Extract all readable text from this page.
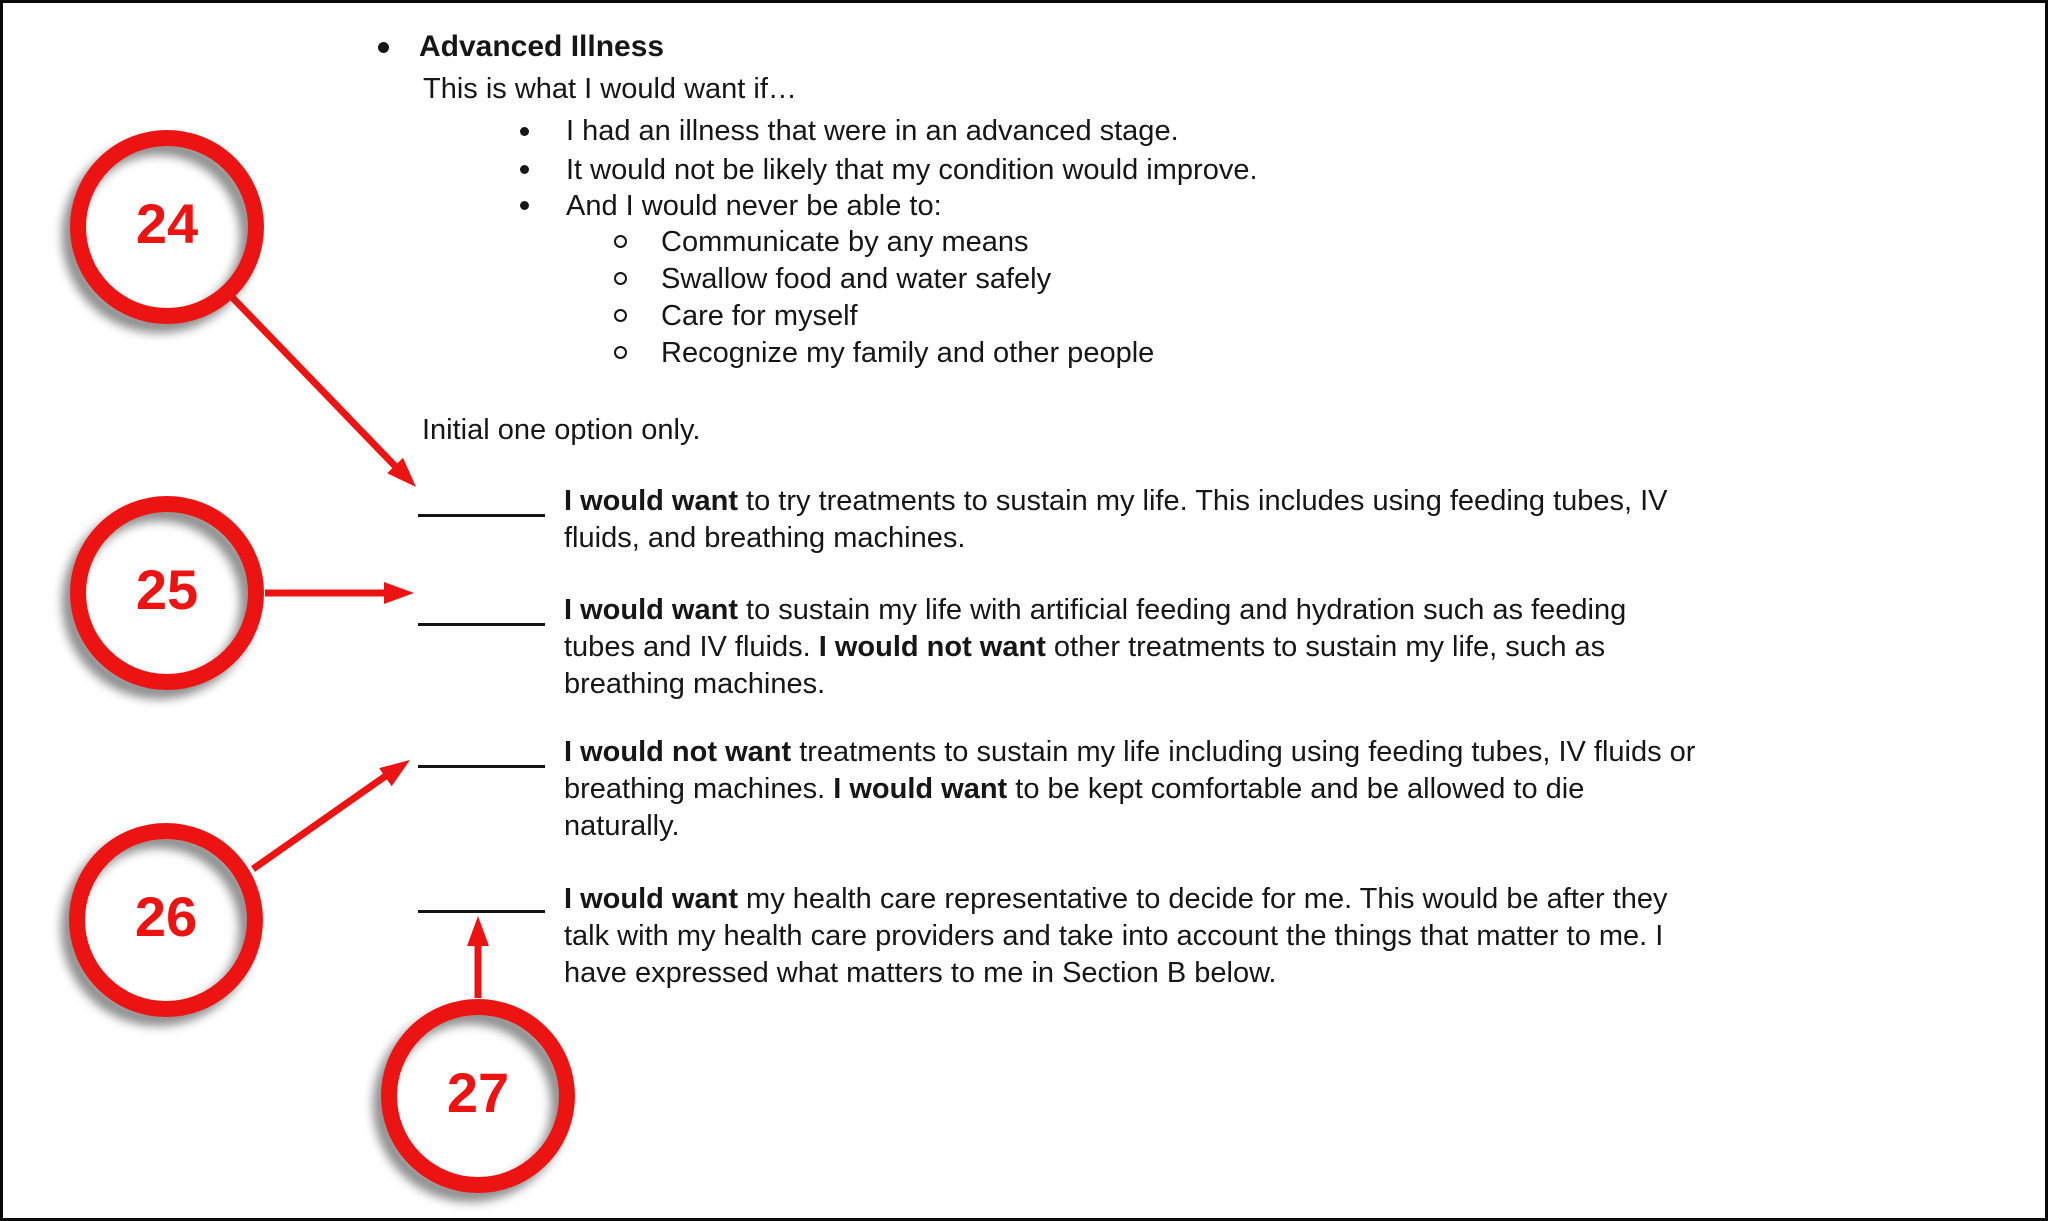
Advanced Illness
This is what I would want if…
I had an illness that were in an advanced stage.
It would not be likely that my condition would improve.
And I would never be able to:
Communicate by any means
Swallow food and water safely
Care for myself
Recognize my family and other people
Initial one option only.
I would want to try treatments to sustain my life. This includes using feeding tubes, IV fluids, and breathing machines.
I would want to sustain my life with artificial feeding and hydration such as feeding tubes and IV fluids. I would not want other treatments to sustain my life, such as breathing machines.
I would not want treatments to sustain my life including using feeding tubes, IV fluids or breathing machines. I would want to be kept comfortable and be allowed to die naturally.
I would want my health care representative to decide for me. This would be after they talk with my health care providers and take into account the things that matter to me. I have expressed what matters to me in Section B below.
24
25
26
27
